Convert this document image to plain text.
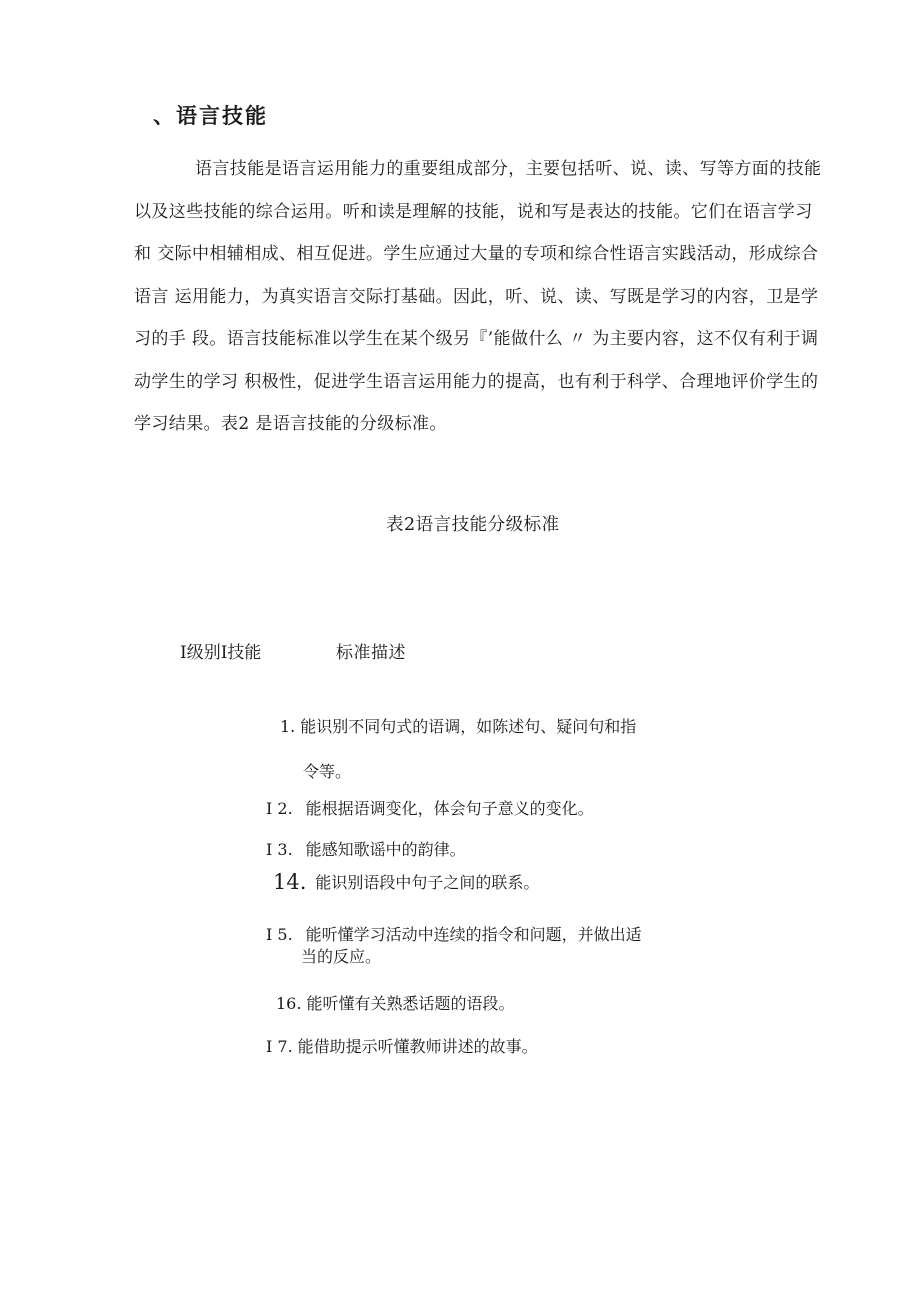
、语言技能
语言技能是语言运用能力的重要组成部分，主要包括听、说、读、写等方面的技能
以及这些技能的综合运用。听和读是理解的技能，说和写是表达的技能。它们在语言学习
和 交际中相辅相成、相互促进。学生应通过大量的专项和综合性语言实践活动，形成综合
语言 运用能力，为真实语言交际打基础。因此，听、说、读、写既是学习的内容，卫是学
习的手 段。语言技能标准以学生在某个级另『’能做什么 〃 为主要内容，这不仅有利于调
动学生的学习 积极性，促进学生语言运用能力的提高，也有利于科学、合理地评价学生的
学习结果。表2 是语言技能的分级标准。
表2语言技能分级标准
I级别I技能	标准描述
1. 能识别不同句式的语调，如陈述句、疑问句和指
令等。
I 2. 能根据语调变化，体会句子意义的变化。
I 3. 能感知歌谣中的韵律。
14. 能识别语段中句子之间的联系。
I 5. 能听懂学习活动中连续的指令和问题，并做出适
当的反应。
16. 能听懂有关熟悉话题的语段。
I 7. 能借助提示听懂教师讲述的故事。
